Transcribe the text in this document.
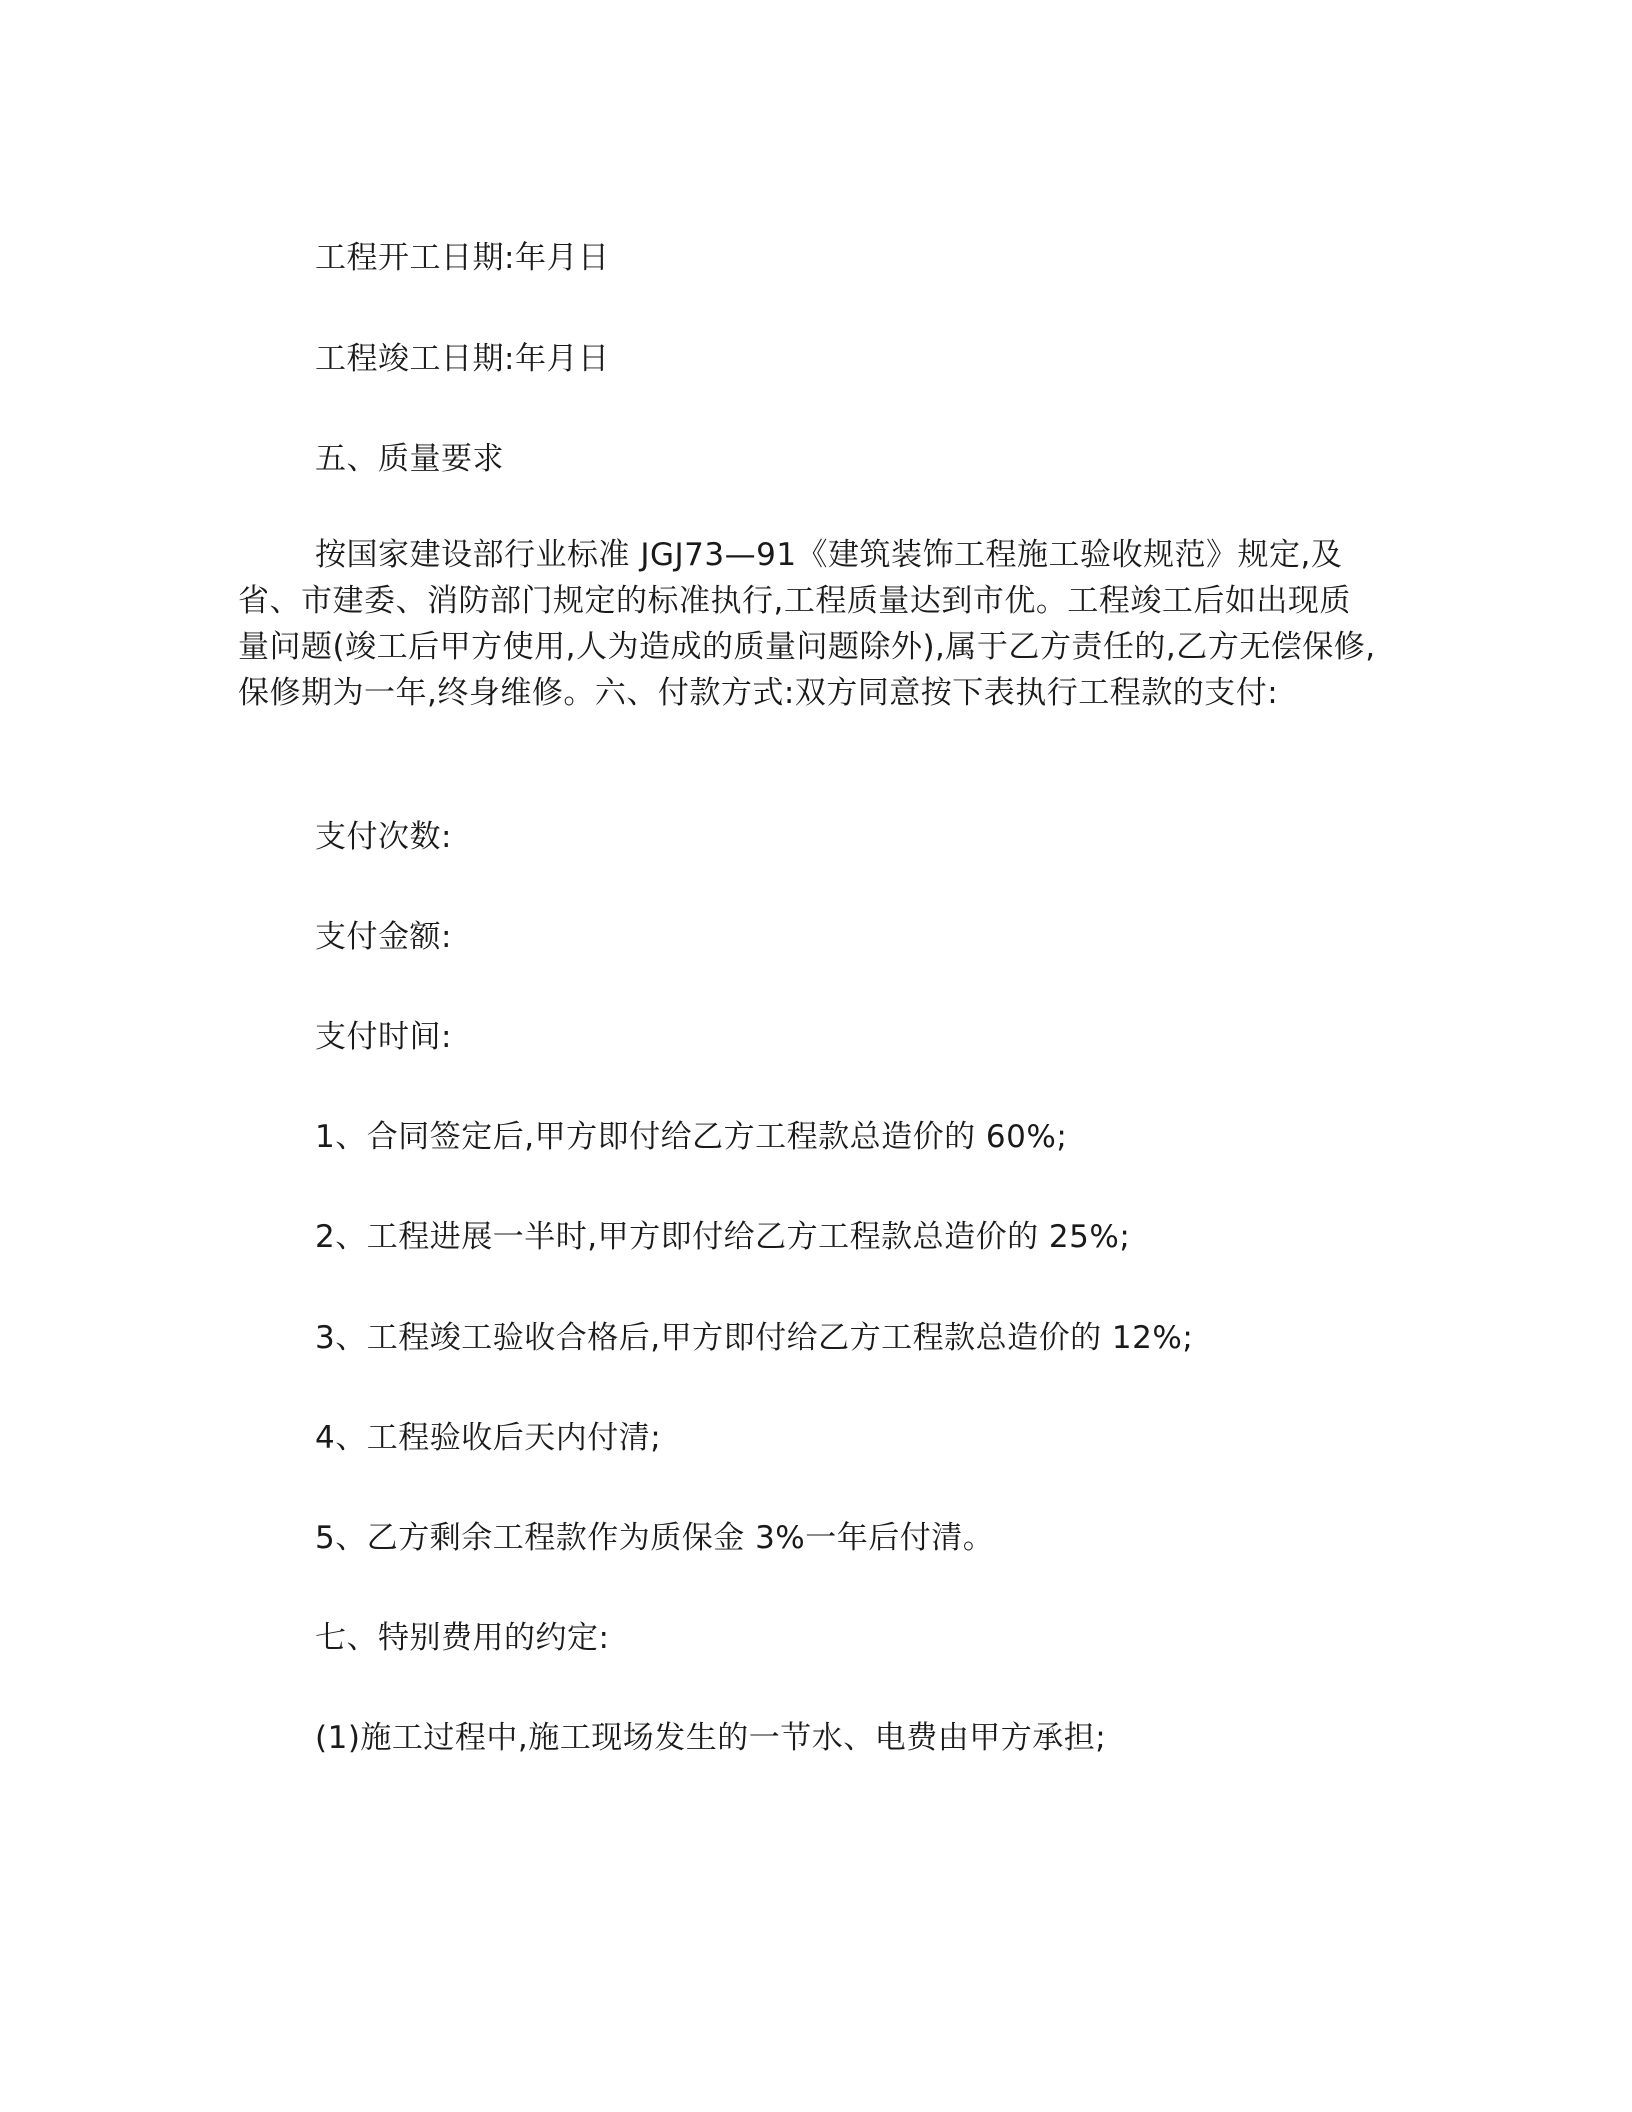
工程开工日期:年月日
工程竣工日期:年月日
五、质量要求
按国家建设部行业标准 JGJ73—91《建筑装饰工程施工验收规范》规定,及
省、市建委、消防部门规定的标准执行,工程质量达到市优。工程竣工后如出现质
量问题(竣工后甲方使用,人为造成的质量问题除外),属于乙方责任的,乙方无偿保修,
保修期为一年,终身维修。六、付款方式:双方同意按下表执行工程款的支付:
支付次数:
支付金额:
支付时间:
1、合同签定后,甲方即付给乙方工程款总造价的 60%;
2、工程进展一半时,甲方即付给乙方工程款总造价的 25%;
3、工程竣工验收合格后,甲方即付给乙方工程款总造价的 12%;
4、工程验收后天内付清;
5、乙方剩余工程款作为质保金 3%一年后付清。
七、特别费用的约定:
(1)施工过程中,施工现场发生的一节水、电费由甲方承担;
